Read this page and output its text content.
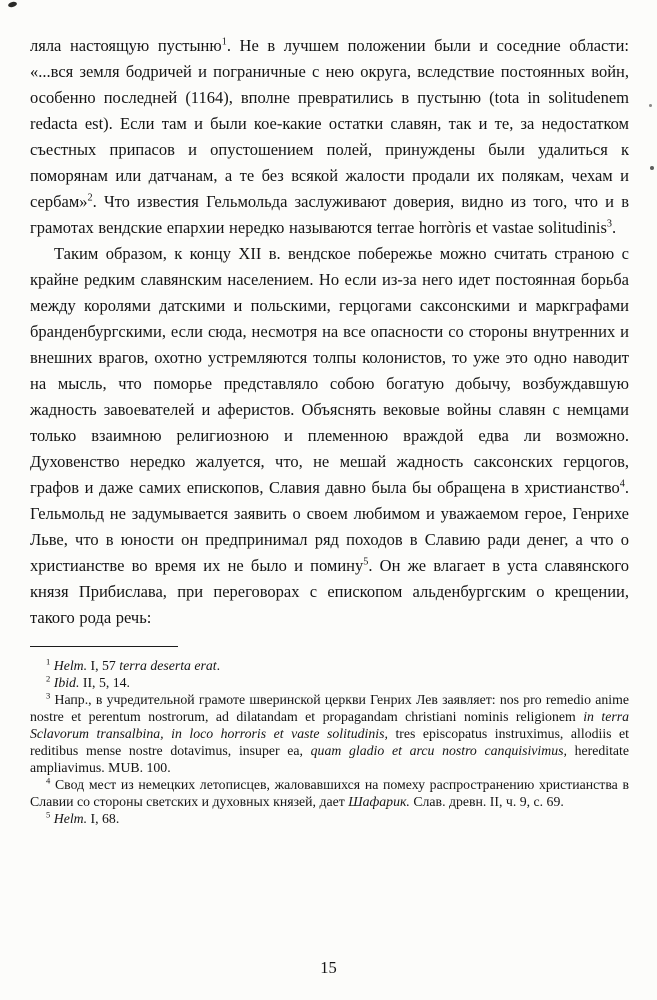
ляла настоящую пустыню$^1$. Не в лучшем положении были и соседние области: «...вся земля бодричей и пограничные с нею округа, вследствие постоянных войн, особенно последней (1164), вполне превратились в пустыню (tota in solitudenem redacta est). Если там и были кое-какие остатки славян, так и те, за недостатком съестных припасов и опустошением полей, принуждены были удалиться к поморянам или датчанам, а те без всякой жалости продали их полякам, чехам и сербам»$^2$. Что известия Гельмольда заслуживают доверия, видно из того, что и в грамотах вендские епархии нередко называются terrae horròris et vastae solitudinis$^3$.
Таким образом, к концу XII в. вендское побережье можно считать страною с крайне редким славянским населением. Но если из-за него идет постоянная борьба между королями датскими и польскими, герцогами саксонскими и маркграфами бранденбургскими, если сюда, несмотря на все опасности со стороны внутренних и внешних врагов, охотно устремляются толпы колонистов, то уже это одно наводит на мысль, что поморье представляло собою богатую добычу, возбуждавшую жадность завоевателей и аферистов. Объяснять вековые войны славян с немцами только взаимною религиозною и племенною враждой едва ли возможно. Духовенство нередко жалуется, что, не мешай жадность саксонских герцогов, графов и даже самих епископов, Славия давно была бы обращена в христианство$^4$. Гельмольд не задумывается заявить о своем любимом и уважаемом герое, Генрихе Льве, что в юности он предпринимал ряд походов в Славию ради денег, а что о христианстве во время их не было и помину$^5$. Он же влагает в уста славянского князя Прибислава, при переговорах с епископом альденбургским о крещении, такого рода речь:
$^1$ Helm. I, 57 terra deserta erat.
$^2$ Ibid. II, 5, 14.
$^3$ Напр., в учредительной грамоте шверинской церкви Генрих Лев заявляет: nos pro remedio anime nostre et perentum nostrorum, ad dilatandam et propagandam christiani nominis religionem in terra Sclavorum transalbina, in loco horroris et vaste solitudinis, tres episcopatus instruximus, allodiis et reditibus mense nostre dotavimus, insuper ea, quam gladio et arcu nostro canquisivimus, hereditate ampliavimus. MUB. 100.
$^4$ Свод мест из немецких летописцев, жаловавшихся на помеху распространению христианства в Славии со стороны светских и духовных князей, дает Шафарик. Слав. древн. II, ч. 9, с. 69.
$^5$ Helm. I, 68.
15
